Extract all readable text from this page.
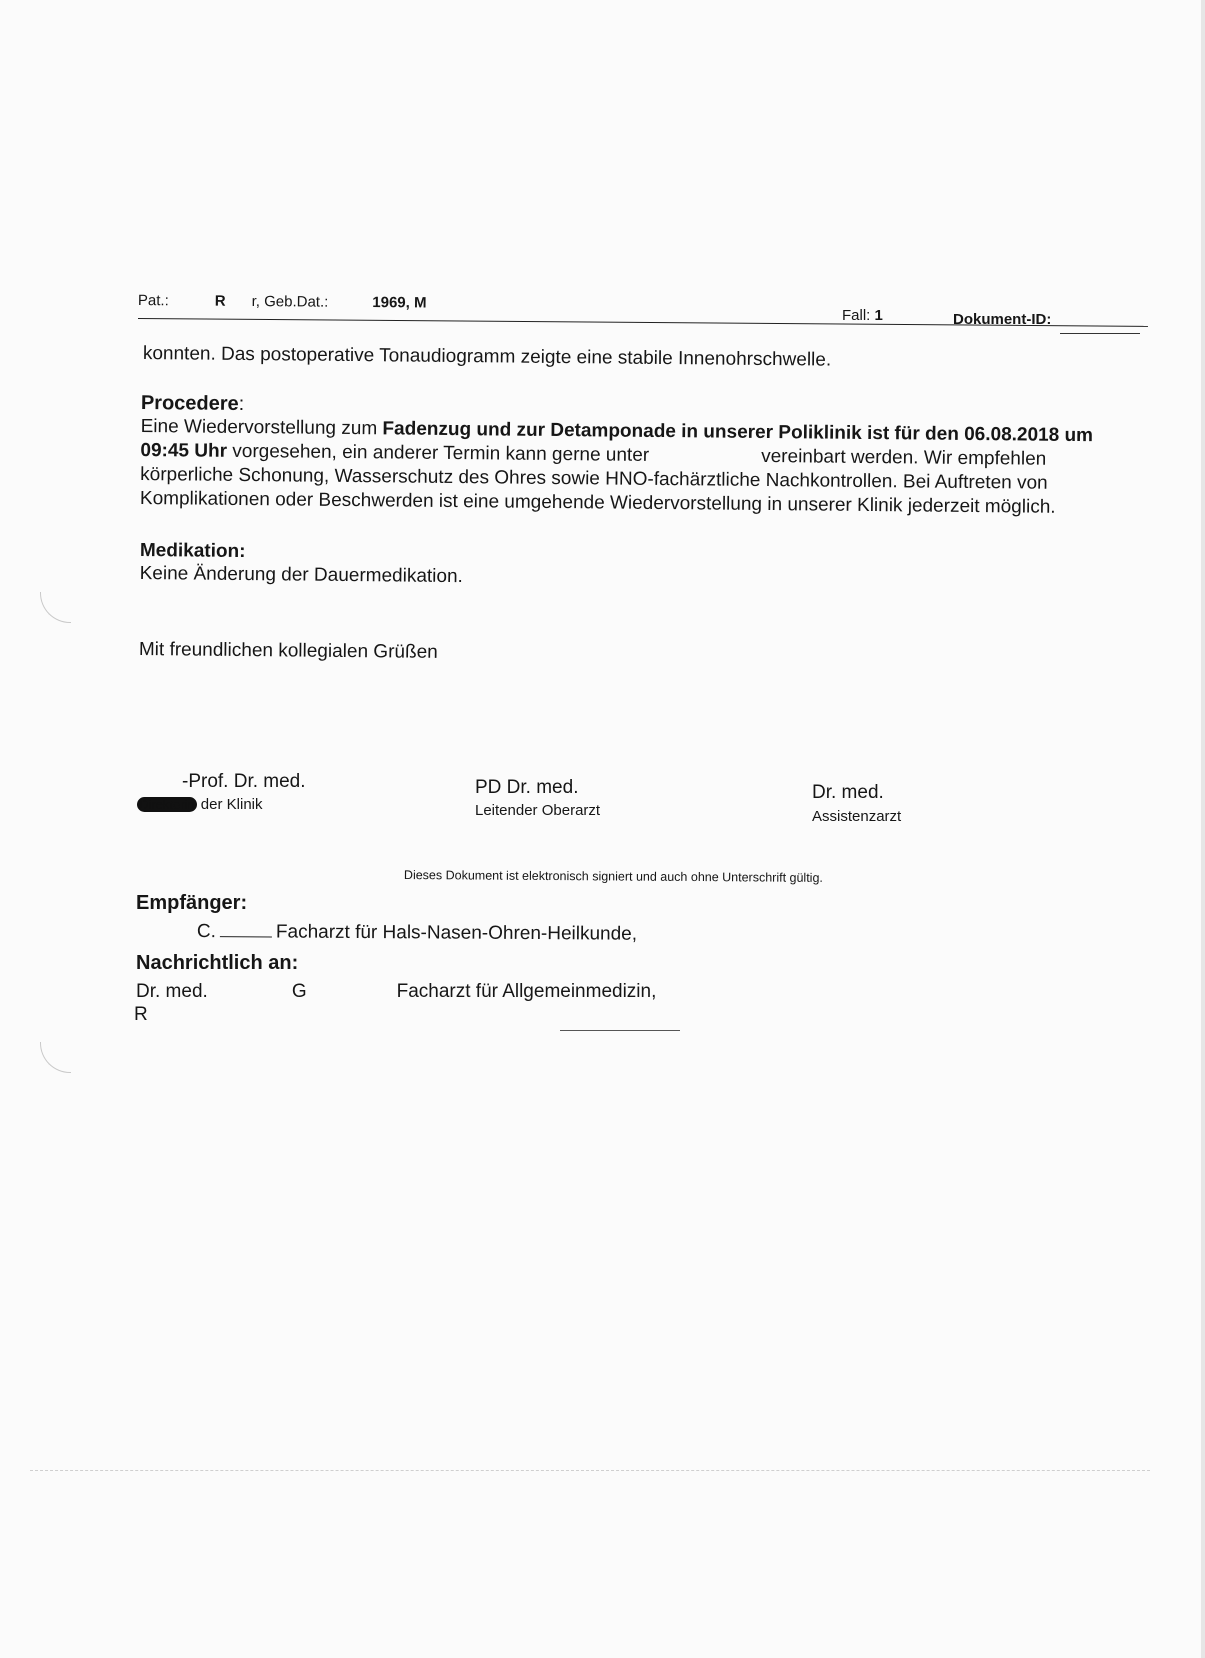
Pat.:	R r, Geb.Dat.:	1969, M
Fall: 1	Dokument-ID:
konnten. Das postoperative Tonaudiogramm zeigte eine stabile Innenohrschwelle.
Procedere:
Eine Wiedervorstellung zum Fadenzug und zur Detamponade in unserer Poliklinik ist für den 06.08.2018 um
09:45 Uhr vorgesehen, ein anderer Termin kann gerne unter	vereinbart werden. Wir empfehlen
körperliche Schonung, Wasserschutz des Ohres sowie HNO-fachärztliche Nachkontrollen. Bei Auftreten von
Komplikationen oder Beschwerden ist eine umgehende Wiedervorstellung in unserer Klinik jederzeit möglich.
Medikation:
Keine Änderung der Dauermedikation.
Mit freundlichen kollegialen Grüßen
-Prof. Dr. med.
Direktorin der Klinik
PD Dr. med.
Leitender Oberarzt
Dr. med.
Assistenzarzt
Dieses Dokument ist elektronisch signiert und auch ohne Unterschrift gültig.
Empfänger:
C.	Facharzt für Hals-Nasen-Ohren-Heilkunde,
Nachrichtlich an:
Dr. med.	G	Facharzt für Allgemeinmedizin,
R
